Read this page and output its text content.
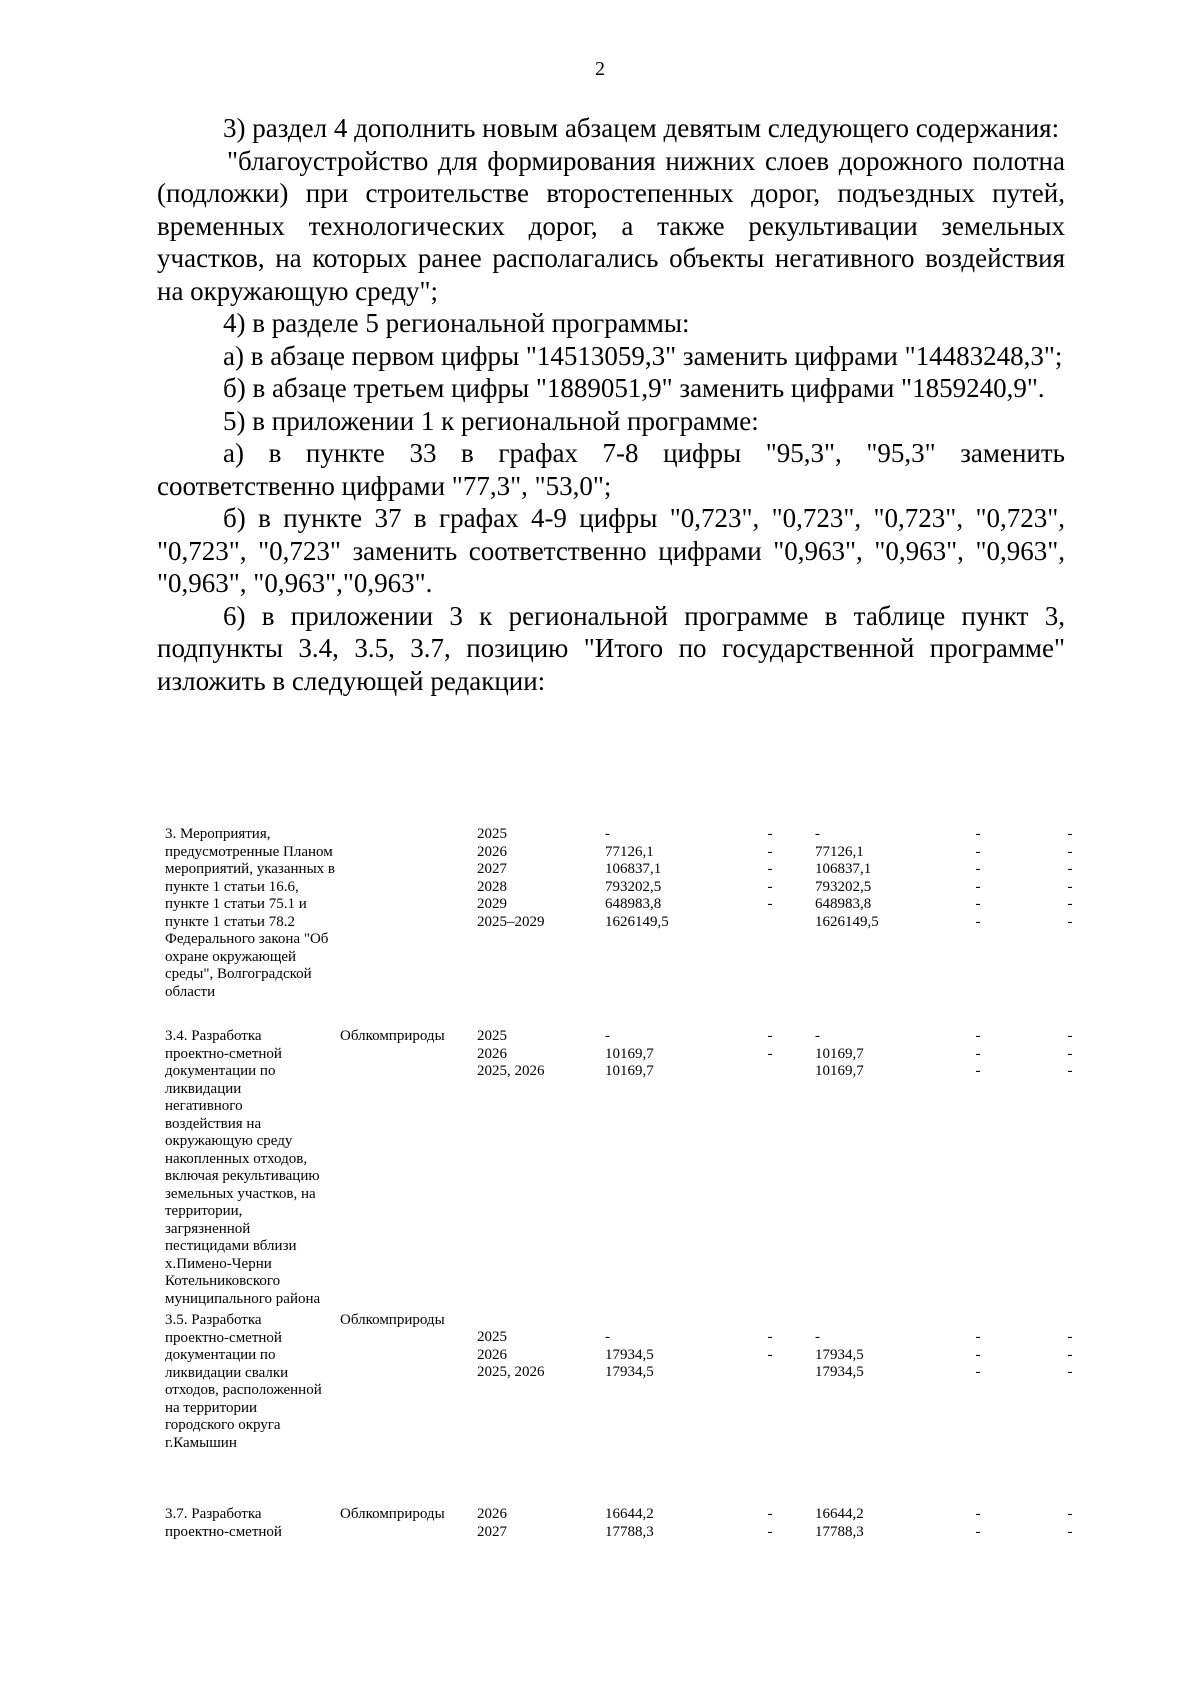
2

3) раздел 4 дополнить новым абзацем девятым следующего содержания:

"благоустройство для формирования нижних слоев дорожного полотна (подложки) при строительстве второстепенных дорог, подъездных путей, временных технологических дорог, а также рекультивации земельных участков, на которых ранее располагались объекты негативного воздействия на окружающую среду";

4) в разделе 5 региональной программы:

а) в абзаце первом цифры "14513059,3" заменить цифрами "14483248,3";

б) в абзаце третьем цифры "1889051,9" заменить цифрами "1859240,9".

5) в приложении 1 к региональной программе:

а) в пункте 33 в графах 7-8 цифры "95,3", "95,3" заменить соответственно цифрами "77,3", "53,0";

б) в пункте 37 в графах 4-9 цифры "0,723", "0,723", "0,723", "0,723", "0,723", "0,723" заменить соответственно цифрами "0,963", "0,963", "0,963", "0,963", "0,963","0,963".

6) в приложении 3 к региональной программе в таблице пункт 3, подпункты 3.4, 3.5, 3.7, позицию "Итого по государственной программе" изложить в следующей редакции:

3. Мероприятия,
предусмотренные Планом
мероприятий, указанных в
пункте 1 статьи 16.6,
пункте 1 статьи 75.1 и
пункте 1 статьи 78.2
Федерального закона "Об
охране окружающей
среды", Волгоградской
области
2025
2026
2027
2028
2029
2025–2029
-
77126,1
106837,1
793202,5
648983,8
1626149,5
-
-
-
-
-
-
77126,1
106837,1
793202,5
648983,8
1626149,5
-
-
-
-
-
-
-
-
-
-
-
-
3.4. Разработка
проектно-сметной
документации по
ликвидации
негативного
воздействия на
окружающую среду
накопленных отходов,
включая рекультивацию
земельных участков, на
территории,
загрязненной
пестицидами вблизи
х.Пимено-Черни
Котельниковского
муниципального района
Облкомприроды	2025
2026
2025, 2026
-
10169,7
10169,7
-
-
-
10169,7
10169,7
-
-
-
-
-
-
3.5. Разработка
проектно-сметной
документации по
ликвидации свалки
отходов, расположенной
на территории
городского округа
г.Камышин
Облкомприроды
2025
2026
2025, 2026
-
17934,5
17934,5
-
-
-
17934,5
17934,5
-
-
-
-
-
-
3.7. Разработка
проектно-сметной
Облкомприроды	2026
2027
16644,2
17788,3
-
-
16644,2
17788,3
-
-
-
-
